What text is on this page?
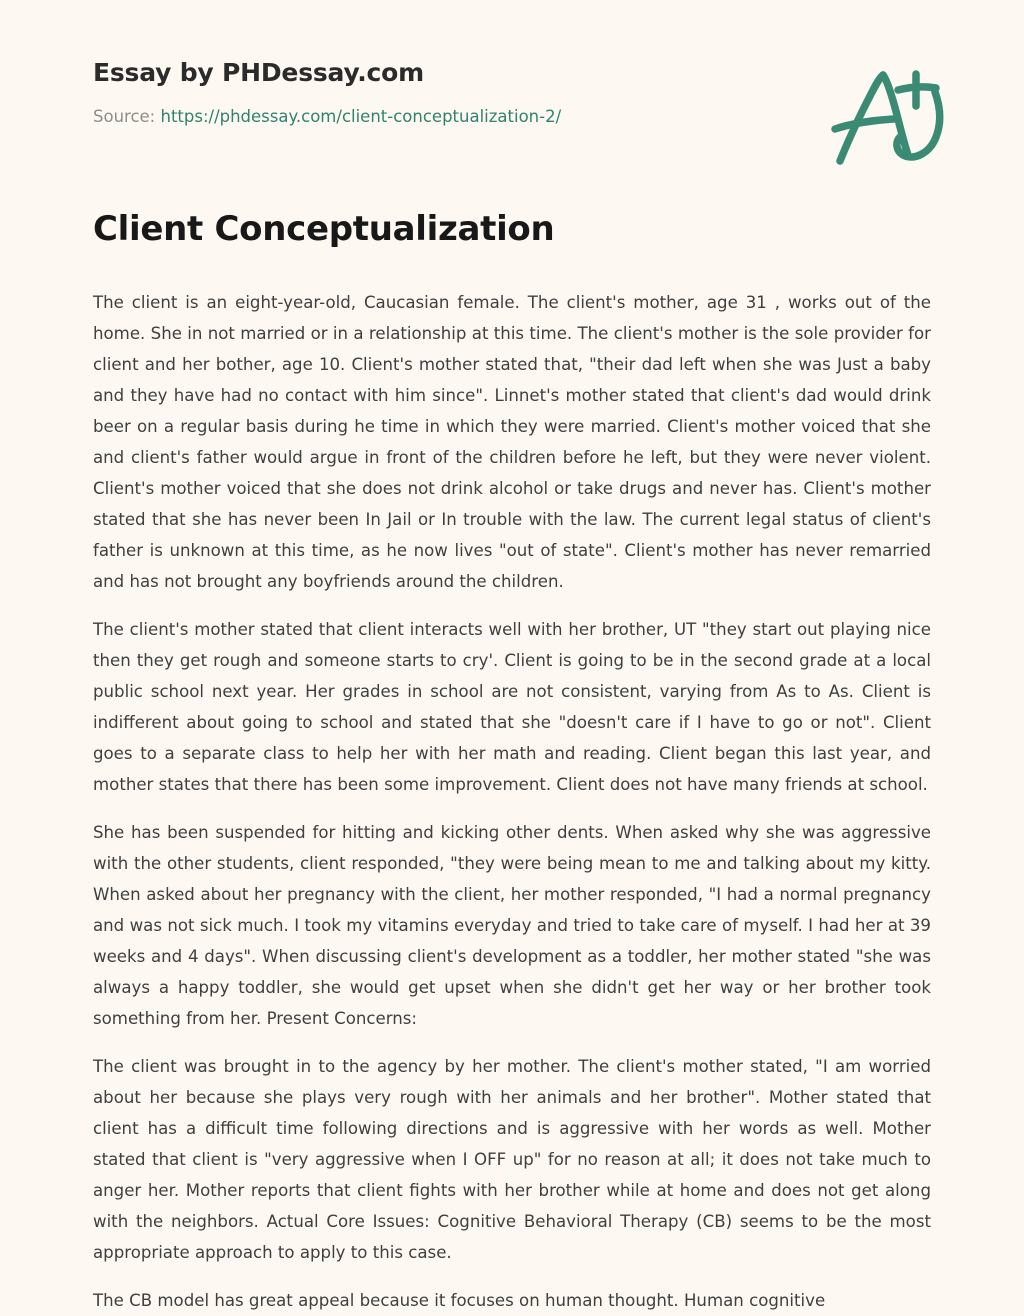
Essay by PHDessay.com
Source: https://phdessay.com/client-conceptualization-2/
Client Conceptualization

The client is an eight-year-old, Caucasian female. The client's mother, age 31 , works out of the home. She in not married or in a relationship at this time. The client's mother is the sole provider for client and her bother, age 10. Client's mother stated that, "their dad left when she was Just a baby and they have had no contact with him since". Linnet's mother stated that client's dad would drink beer on a regular basis during he time in which they were married. Client's mother voiced that she and client's father would argue in front of the children before he left, but they were never violent. Client's mother voiced that she does not drink alcohol or take drugs and never has. Client's mother stated that she has never been In Jail or In trouble with the law. The current legal status of client's father is unknown at this time, as he now lives "out of state". Client's mother has never remarried and has not brought any boyfriends around the children.

The client's mother stated that client interacts well with her brother, UT "they start out playing nice then they get rough and someone starts to cry'. Client is going to be in the second grade at a local public school next year. Her grades in school are not consistent, varying from As to As. Client is indifferent about going to school and stated that she "doesn't care if I have to go or not". Client goes to a separate class to help her with her math and reading. Client began this last year, and mother states that there has been some improvement. Client does not have many friends at school.

She has been suspended for hitting and kicking other dents. When asked why she was aggressive with the other students, client responded, "they were being mean to me and talking about my kitty. When asked about her pregnancy with the client, her mother responded, "I had a normal pregnancy and was not sick much. I took my vitamins everyday and tried to take care of myself. I had her at 39 weeks and 4 days". When discussing client's development as a toddler, her mother stated "she was always a happy toddler, she would get upset when she didn't get her way or her brother took something from her. Present Concerns:

The client was brought in to the agency by her mother. The client's mother stated, "I am worried about her because she plays very rough with her animals and her brother". Mother stated that client has a difficult time following directions and is aggressive with her words as well. Mother stated that client is "very aggressive when I OFF up" for no reason at all; it does not take much to anger her. Mother reports that client fights with her brother while at home and does not get along with the neighbors. Actual Core Issues: Cognitive Behavioral Therapy (CB) seems to be the most appropriate approach to apply to this case.

The CB model has great appeal because it focuses on human thought. Human cognitive
